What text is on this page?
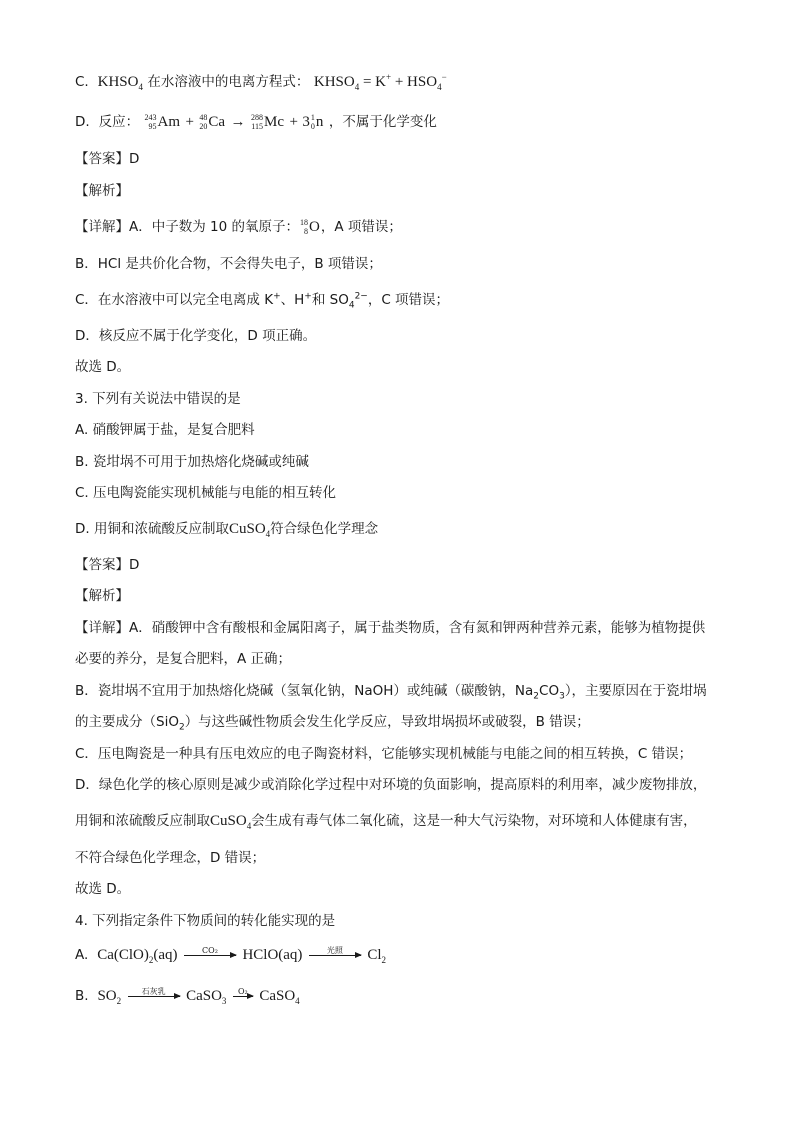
C. $KHSO_4$ 在水溶液中的电离方程式： $KHSO_4 = K^+ + HSO_4^-$
D. 反应： 243
95 Am + 48
20 Ca → 288
115 Mc + 3 1
0 n ，不属于化学变化
【答案】D
【解析】
【详解】A．中子数为 10 的氧原子： 18
8 O ，A 项错误；
B．HCl 是共价化合物，不会得失电子，B 项错误；
C．在水溶液中可以完全电离成 K+、H+和 $SO_4^{2-}$，C 项错误；
D．核反应不属于化学变化，D 项正确。
故选 D。
3. 下列有关说法中错误的是
A. 硝酸钾属于盐，是复合肥料
B. 瓷坩埚不可用于加热熔化烧碱或纯碱
C. 压电陶瓷能实现机械能与电能的相互转化
D. 用铜和浓硫酸反应制取CuSO$_4$符合绿色化学理念
【答案】D
【解析】
【详解】A．硝酸钾中含有酸根和金属阳离子，属于盐类物质，含有氮和钾两种营养元素，能够为植物提供
必要的养分，是复合肥料，A 正确；
B．瓷坩埚不宜用于加热熔化烧碱（氢氧化钠，NaOH）或纯碱（碳酸钠，$Na_2CO_3$），主要原因在于瓷坩埚
的主要成分（SiO$_2$）与这些碱性物质会发生化学反应，导致坩埚损坏或破裂，B 错误；
C．压电陶瓷是一种具有压电效应的电子陶瓷材料，它能够实现机械能与电能之间的相互转换，C 错误；
D．绿色化学的核心原则是减少或消除化学过程中对环境的负面影响，提高原料的利用率，减少废物排放，
用铜和浓硫酸反应制取CuSO$_4$会生成有毒气体二氧化硫，这是一种大气污染物，对环境和人体健康有害，
不符合绿色化学理念，D 错误；
故选 D。
4. 下列指定条件下物质间的转化能实现的是
A. $Ca(ClO)_2(aq)$	CO₂ HClO(aq)	光照 $Cl_2$
B. $SO_2$
石灰乳 CaSO$_3$
O₂ CaSO$_4$
